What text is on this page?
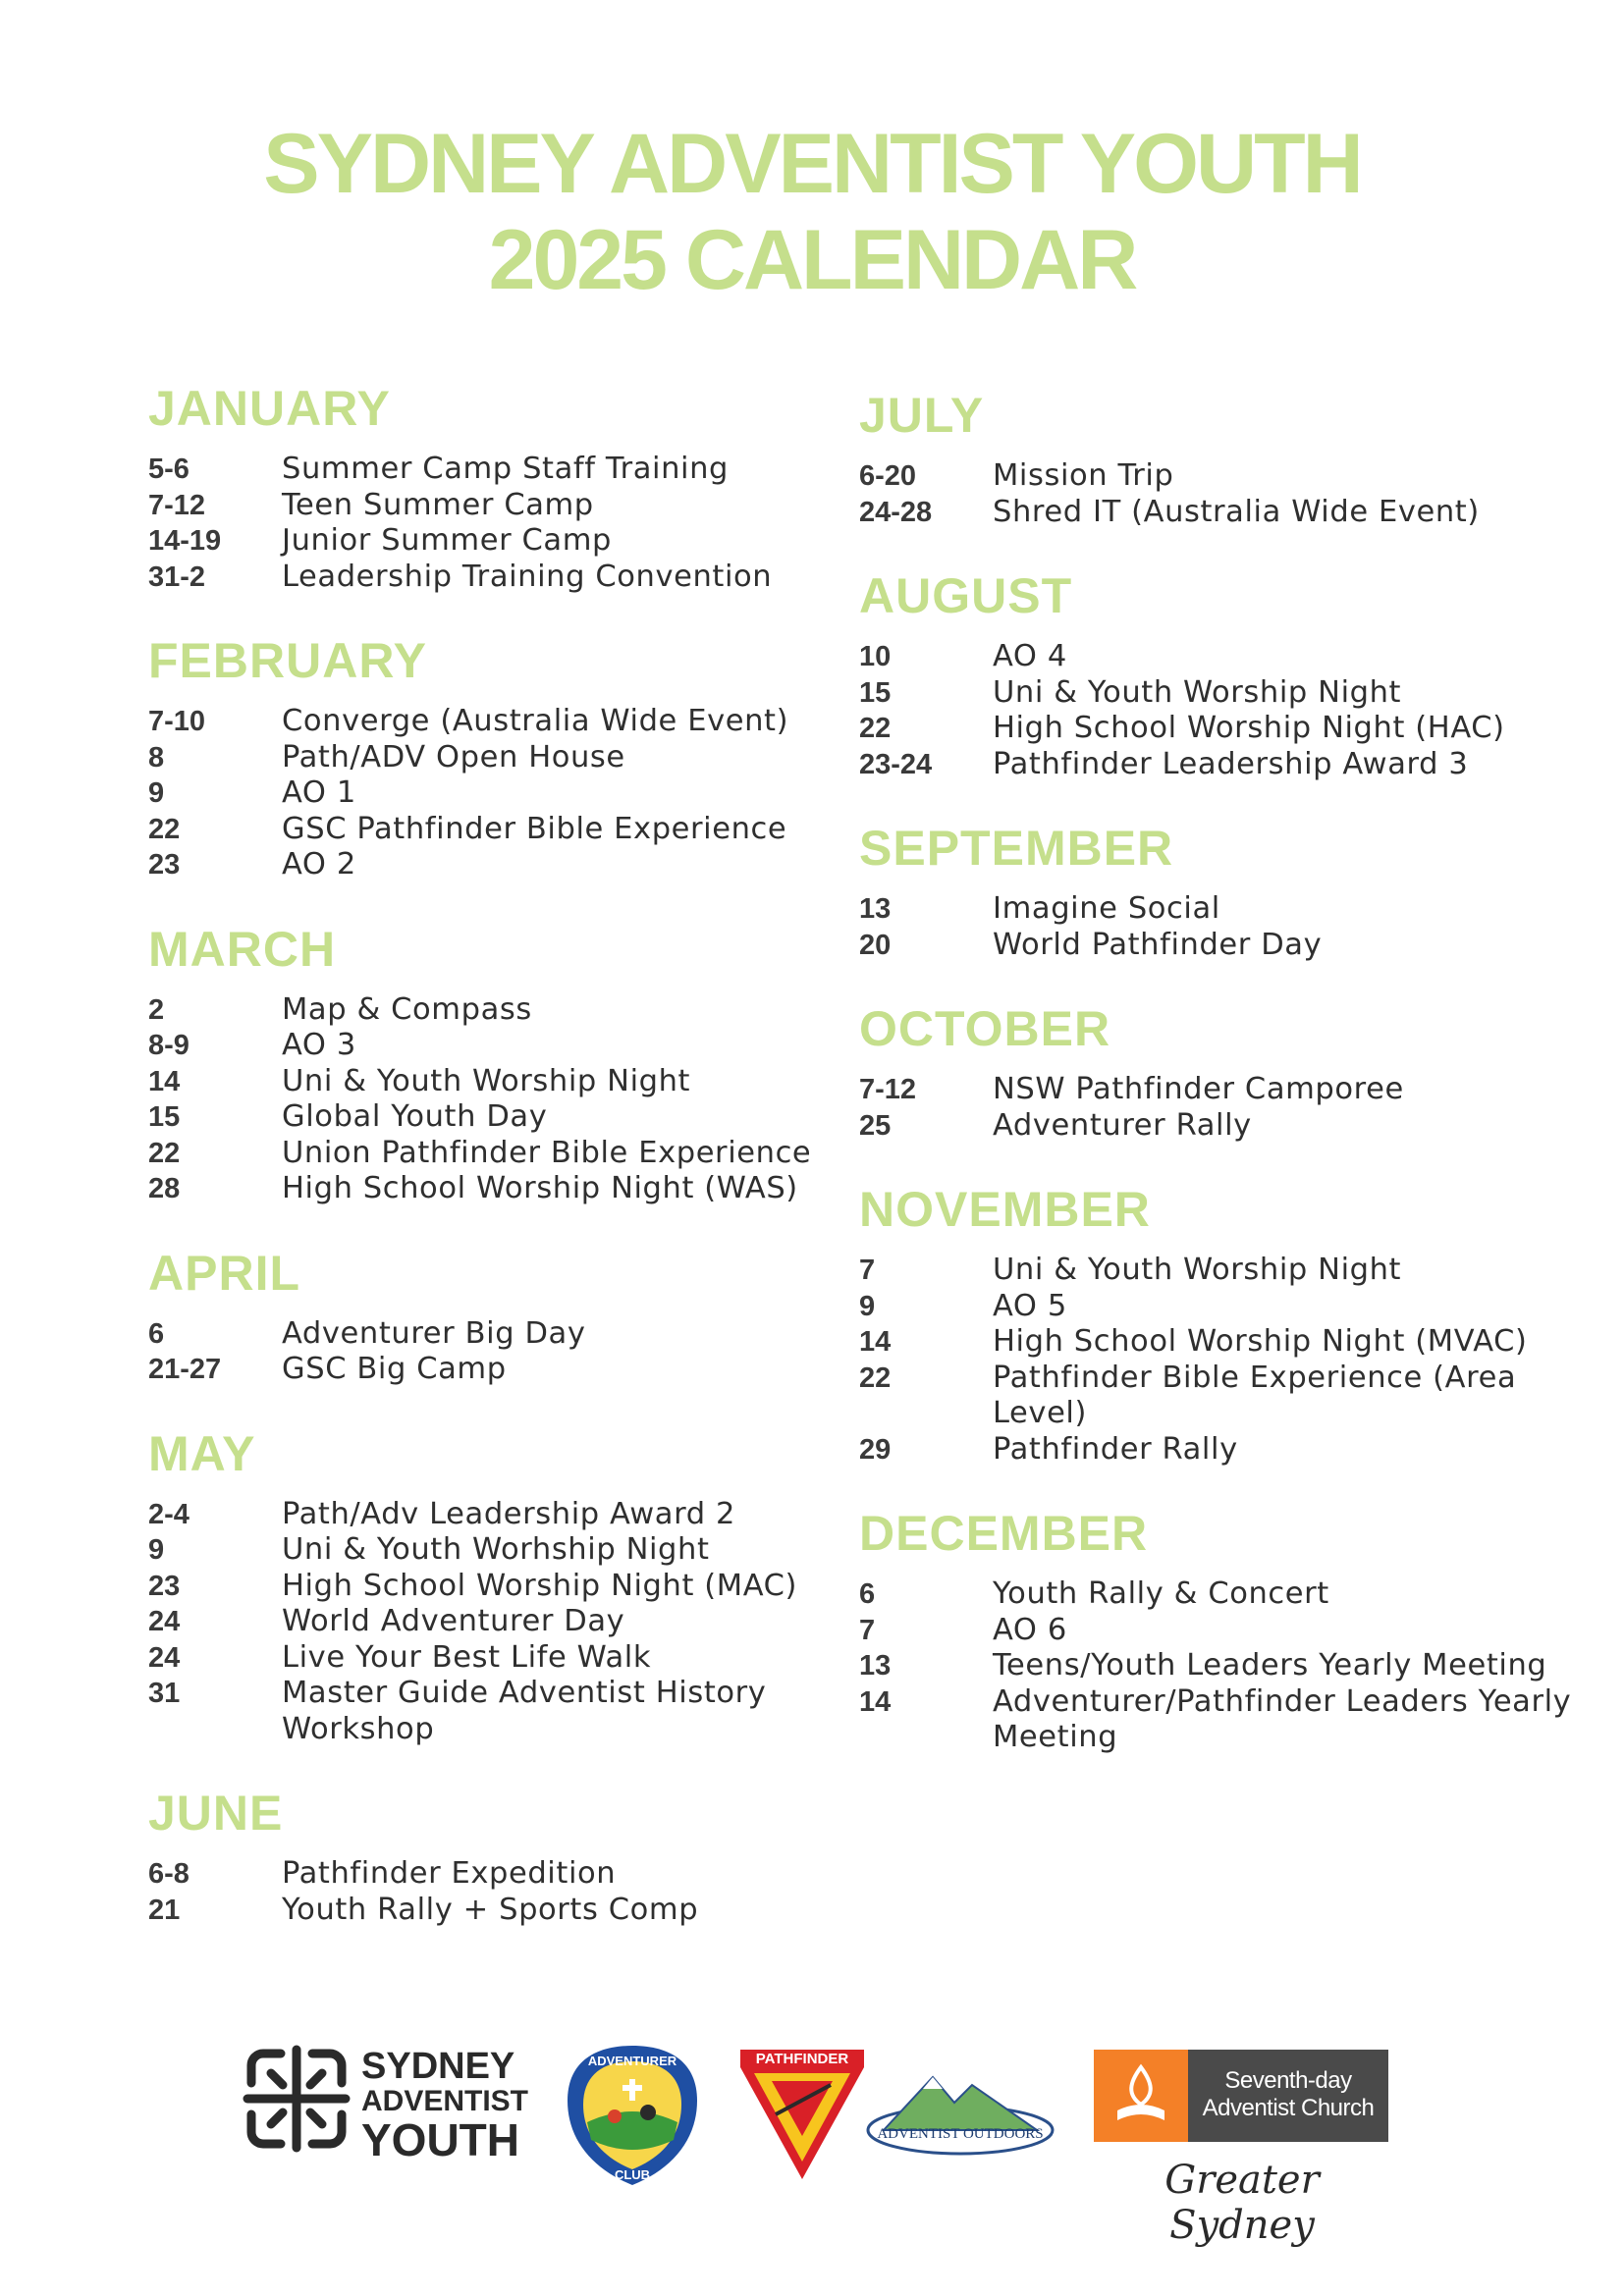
SYDNEY ADVENTIST YOUTH
2025 CALENDAR
JANUARY
5-6	Summer Camp Staff Training
7-12	Teen Summer Camp
14-19	Junior Summer Camp
31-2	Leadership Training Convention
FEBRUARY
7-10	Converge (Australia Wide Event)
8	Path/ADV Open House
9	AO 1
22	GSC Pathfinder Bible Experience
23	AO 2
MARCH
2	Map & Compass
8-9	AO 3
14	Uni & Youth Worship Night
15	Global Youth Day
22	Union Pathfinder Bible Experience
28	High School Worship Night (WAS)
APRIL
6	Adventurer Big Day
21-27	GSC Big Camp
MAY
2-4	Path/Adv Leadership Award 2
9	Uni & Youth Worhship Night
23	High School Worship Night (MAC)
24	World Adventurer Day
24	Live Your Best Life Walk
31	Master Guide Adventist History Workshop
JUNE
6-8	Pathfinder Expedition
21	Youth Rally + Sports Comp
JULY
6-20	Mission Trip
24-28	Shred IT (Australia Wide Event)
AUGUST
10	AO 4
15	Uni & Youth Worship Night
22	High School Worship Night (HAC)
23-24	Pathfinder Leadership Award 3
SEPTEMBER
13	Imagine Social
20	World Pathfinder Day
OCTOBER
7-12	NSW Pathfinder Camporee
25	Adventurer Rally
NOVEMBER
7	Uni & Youth Worship Night
9	AO 5
14	High School Worship Night (MVAC)
22	Pathfinder Bible Experience (Area Level)
29	Pathfinder Rally
DECEMBER
6	Youth Rally & Concert
7	AO 6
13	Teens/Youth Leaders Yearly Meeting
14	Adventurer/Pathfinder Leaders Yearly Meeting
SYDNEY
ADVENTIST
YOUTH
ADVENTURER
CLUB
PATHFINDER
ADVENTIST OUTDOORS
Seventh-day
Adventist Church
Greater Sydney
